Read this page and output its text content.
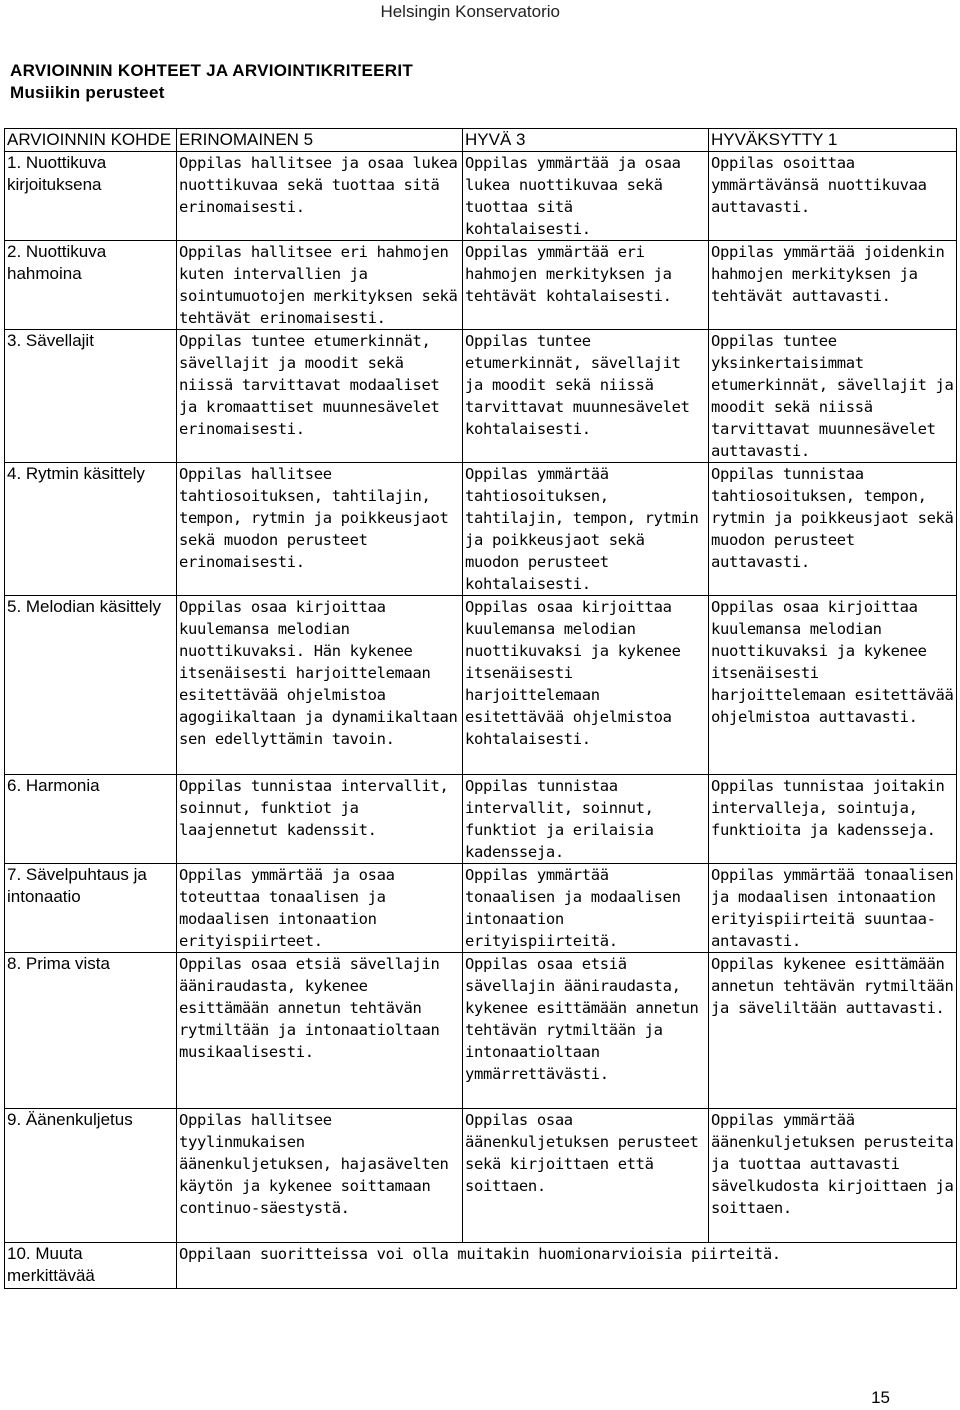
Helsingin Konservatorio
ARVIOINNIN KOHTEET JA ARVIOINTIKRITEERIT
Musiikin perusteet
ARVIOINNIN KOHDE	ERINOMAINEN 5	HYVÄ 3	HYVÄKSYTTY 1
1. Nuottikuva kirjoituksena	Oppilas hallitsee ja osaa lukea nuottikuvaa sekä tuottaa sitä erinomaisesti.	Oppilas ymmärtää ja osaa lukea nuottikuvaa sekä tuottaa sitä kohtalaisesti.	Oppilas osoittaa ymmärtävänsä nuottikuvaa auttavasti.
2. Nuottikuva hahmoina	Oppilas hallitsee eri hahmojen kuten intervallien ja sointumuotojen merkityksen sekä tehtävät erinomaisesti.	Oppilas ymmärtää eri hahmojen merkityksen ja tehtävät kohtalaisesti.	Oppilas ymmärtää joidenkin hahmojen merkityksen ja tehtävät auttavasti.
3. Sävellajit	Oppilas tuntee etumerkinnät, sävellajit ja moodit sekä niissä tarvittavat modaaliset ja kromaattiset muunnesävelet erinomaisesti.	Oppilas tuntee etumerkinnät, sävellajit ja moodit sekä niissä tarvittavat muunnesävelet kohtalaisesti.	Oppilas tuntee yksinkertaisimmat etumerkinnät, sävellajit ja moodit sekä niissä tarvittavat muunnesävelet auttavasti.
4. Rytmin käsittely	Oppilas hallitsee tahtiosoituksen, tahtilajin, tempon, rytmin ja poikkeusjaot sekä muodon perusteet erinomaisesti.	Oppilas ymmärtää tahtiosoituksen, tahtilajin, tempon, rytmin ja poikkeusjaot sekä muodon perusteet kohtalaisesti.	Oppilas tunnistaa tahtiosoituksen, tempon, rytmin ja poikkeusjaot sekä muodon perusteet auttavasti.
5. Melodian käsittely	Oppilas osaa kirjoittaa kuulemansa melodian nuottikuvaksi. Hän kykenee itsenäisesti harjoittelemaan esitettävää ohjelmistoa agogiikaltaan ja dynamiikaltaan sen edellyttämin tavoin.	Oppilas osaa kirjoittaa kuulemansa melodian nuottikuvaksi ja kykenee itsenäisesti harjoittelemaan esitettävää ohjelmistoa kohtalaisesti.	Oppilas osaa kirjoittaa kuulemansa melodian nuottikuvaksi ja kykenee itsenäisesti harjoittelemaan esitettävää ohjelmistoa auttavasti.
6. Harmonia	Oppilas tunnistaa intervallit, soinnut, funktiot ja laajennetut kadenssit.	Oppilas tunnistaa intervallit, soinnut, funktiot ja erilaisia kadensseja.	Oppilas tunnistaa joitakin intervalleja, sointuja, funktioita ja kadensseja.
7. Sävelpuhtaus ja intonaatio	Oppilas ymmärtää ja osaa toteuttaa tonaalisen ja modaalisen intonaation erityispiirteet.	Oppilas ymmärtää tonaalisen ja modaalisen intonaation erityispiirteitä.	Oppilas ymmärtää tonaalisen ja modaalisen intonaation erityispiirteitä suuntaa-antavasti.
8. Prima vista	Oppilas osaa etsiä sävellajin ääniraudasta, kykenee esittämään annetun tehtävän rytmiltään ja intonaatioltaan musikaalisesti.	Oppilas osaa etsiä sävellajin ääniraudasta, kykenee esittämään annetun tehtävän rytmiltään ja intonaatioltaan ymmärrettävästi.	Oppilas kykenee esittämään annetun tehtävän rytmiltään ja säveliltään auttavasti.
9. Äänenkuljetus	Oppilas hallitsee tyylinmukaisen äänenkuljetuksen, hajasävelten käytön ja kykenee soittamaan continuo-säestystä.	Oppilas osaa äänenkuljetuksen perusteet sekä kirjoittaen että soittaen.	Oppilas ymmärtää äänenkuljetuksen perusteita ja tuottaa auttavasti sävelkudosta kirjoittaen ja soittaen.
10. Muuta merkittävää	Oppilaan suoritteissa voi olla muitakin huomionarvioisia piirteitä.		
15
